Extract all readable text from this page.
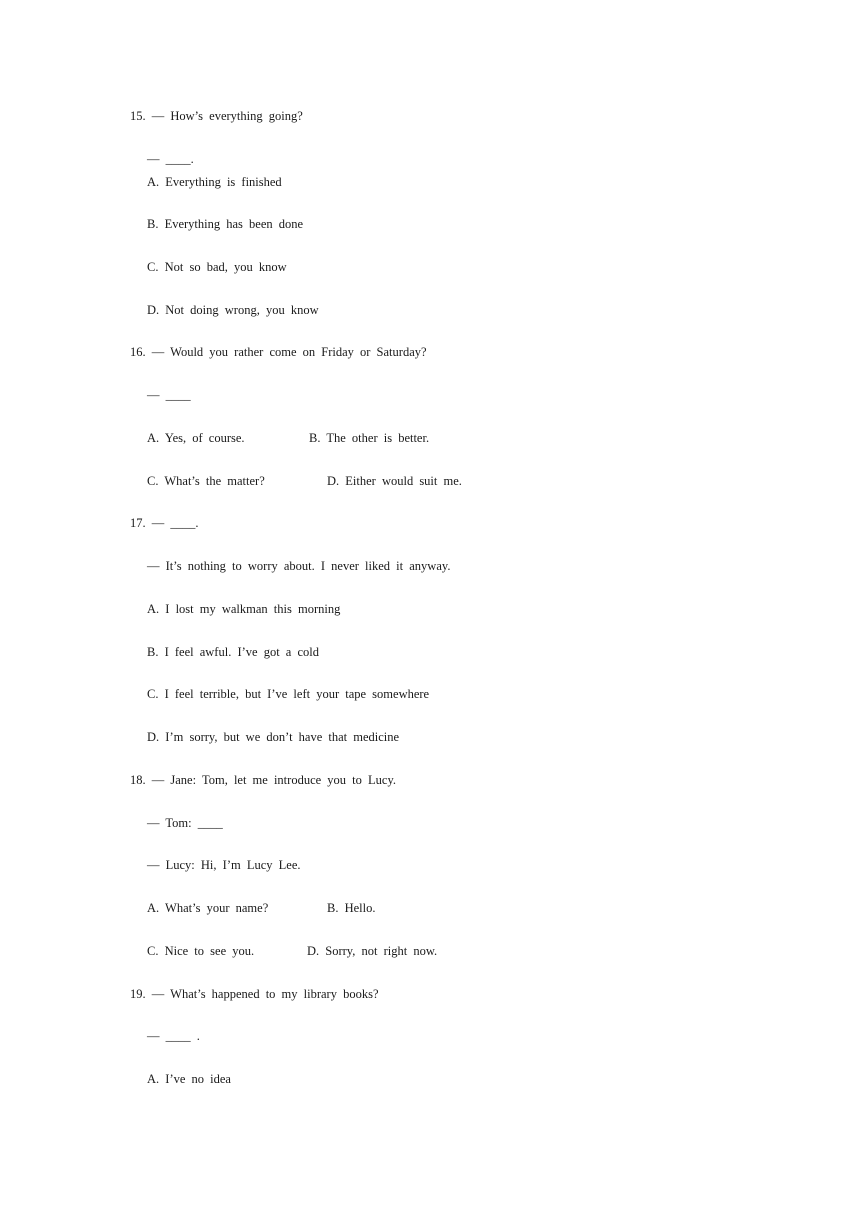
15. — How’s everything going?
— ____.
A. Everything is finished
B. Everything has been done
C. Not so bad, you know
D. Not doing wrong, you know
16. — Would you rather come on Friday or Saturday?
— ____
A. Yes, of course.	B. The other is better.
C. What’s the matter?	D. Either would suit me.
17. — ____.
— It’s nothing to worry about. I never liked it anyway.
A. I lost my walkman this morning
B. I feel awful. I’ve got a cold
C. I feel terrible, but I’ve left your tape somewhere
D. I’m sorry, but we don’t have that medicine
18. — Jane: Tom, let me introduce you to Lucy.
— Tom: ____
— Lucy: Hi, I’m Lucy Lee.
A. What’s your name?	B. Hello.
C. Nice to see you.	D. Sorry, not right now.
19. — What’s happened to my library books?
— ____ .
A. I’ve no idea
